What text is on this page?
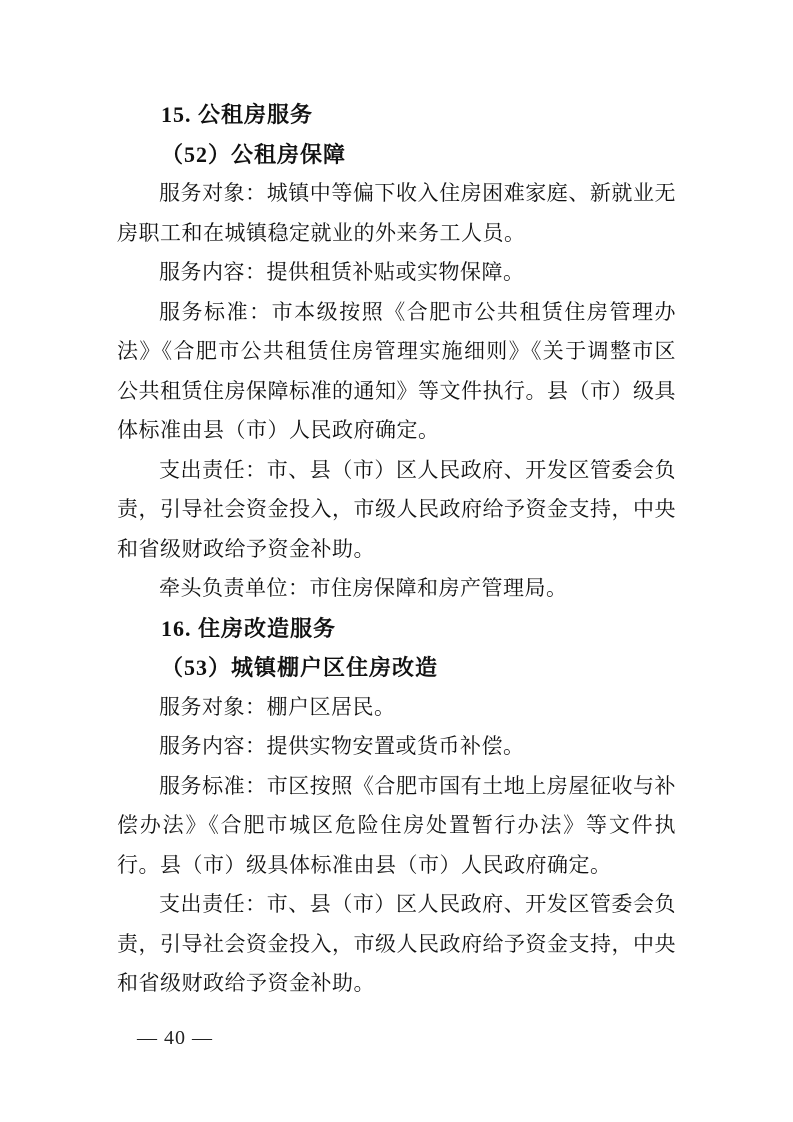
15. 公租房服务
（52）公租房保障

服务对象：城镇中等偏下收入住房困难家庭、新就业无房职工和在城镇稳定就业的外来务工人员。

服务内容：提供租赁补贴或实物保障。

服务标准：市本级按照《合肥市公共租赁住房管理办法》《合肥市公共租赁住房管理实施细则》《关于调整市区公共租赁住房保障标准的通知》等文件执行。县（市）级具体标准由县（市）人民政府确定。

支出责任：市、县（市）区人民政府、开发区管委会负责，引导社会资金投入，市级人民政府给予资金支持，中央和省级财政给予资金补助。

牵头负责单位：市住房保障和房产管理局。

16. 住房改造服务
（53）城镇棚户区住房改造

服务对象：棚户区居民。

服务内容：提供实物安置或货币补偿。

服务标准：市区按照《合肥市国有土地上房屋征收与补偿办法》《合肥市城区危险住房处置暂行办法》等文件执行。县（市）级具体标准由县（市）人民政府确定。

支出责任：市、县（市）区人民政府、开发区管委会负责，引导社会资金投入，市级人民政府给予资金支持，中央和省级财政给予资金补助。

— 40 —
